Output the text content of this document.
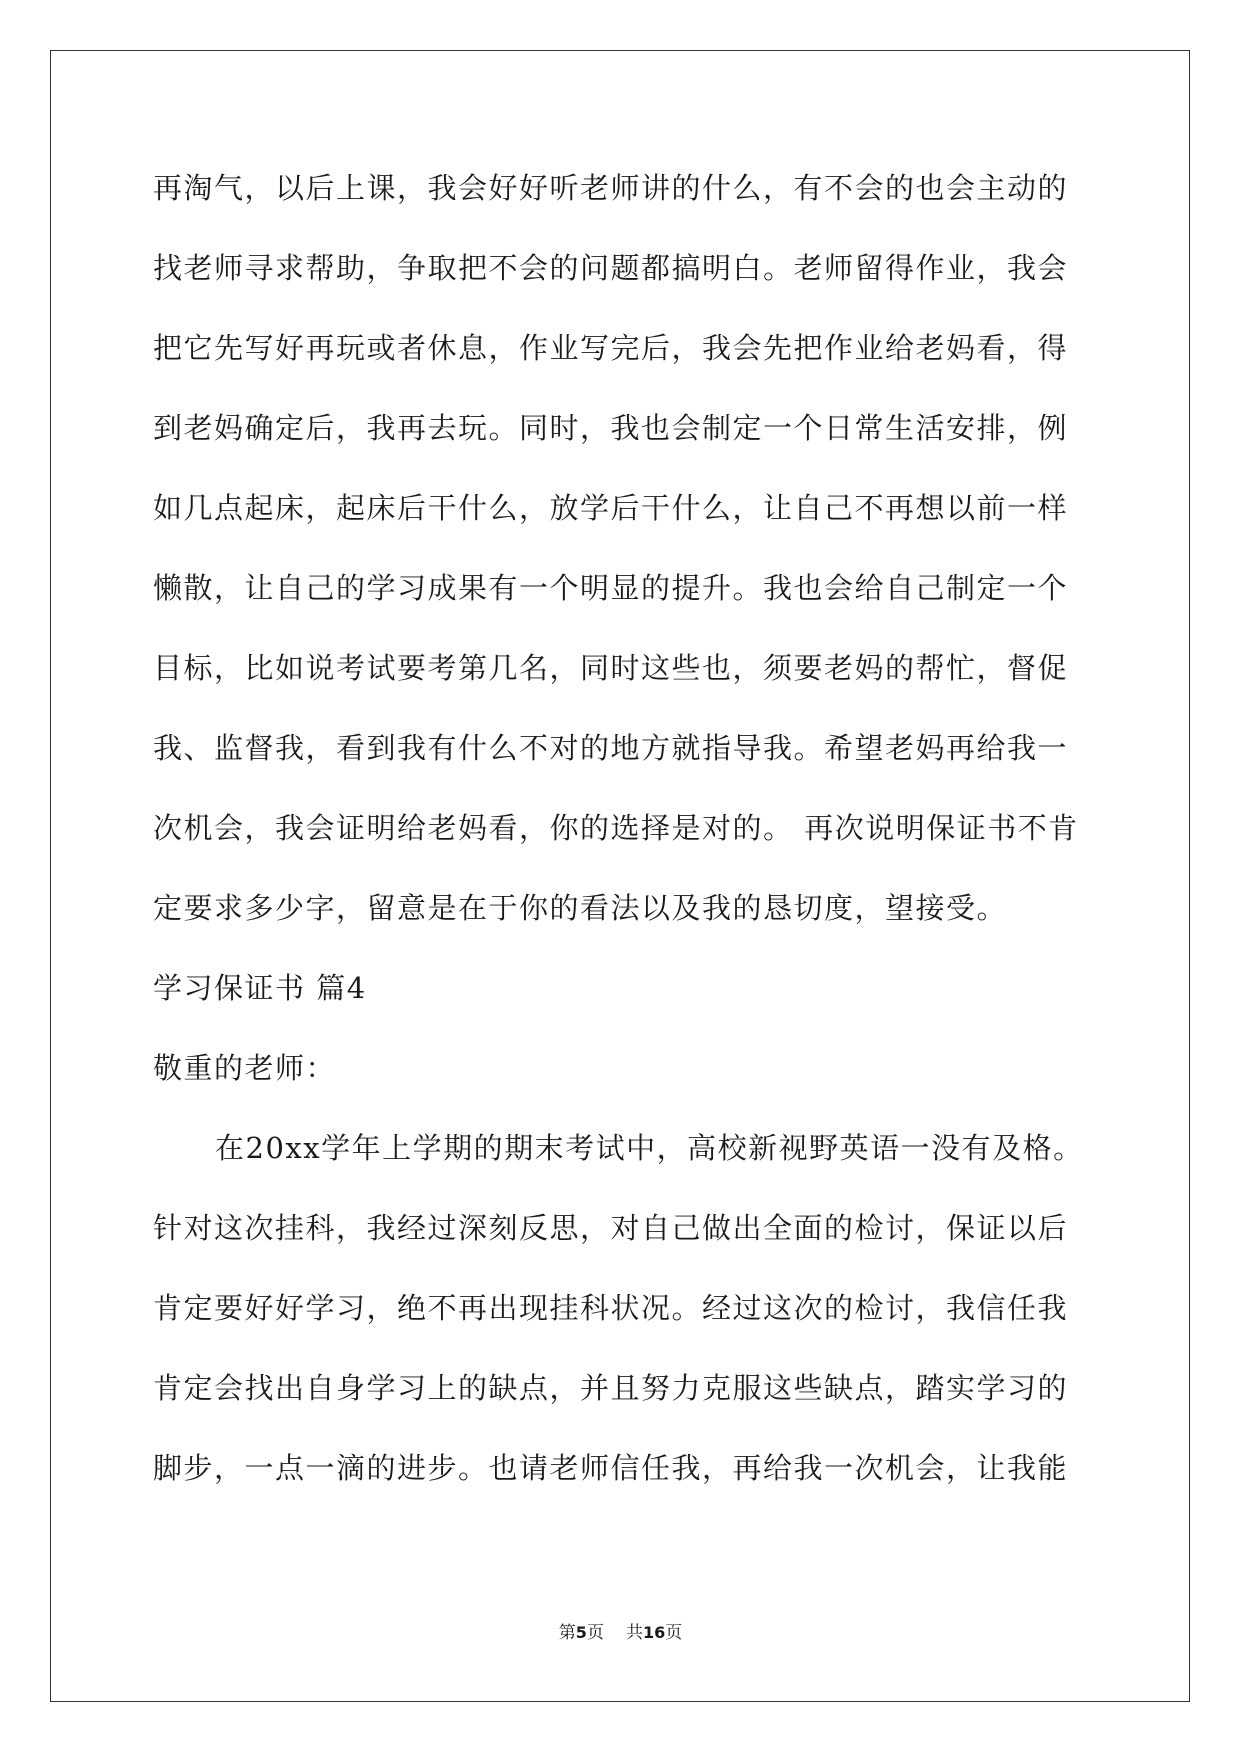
再淘气，以后上课，我会好好听老师讲的什么，有不会的也会主动的
找老师寻求帮助，争取把不会的问题都搞明白。老师留得作业，我会
把它先写好再玩或者休息，作业写完后，我会先把作业给老妈看，得
到老妈确定后，我再去玩。同时，我也会制定一个日常生活安排，例
如几点起床，起床后干什么，放学后干什么，让自己不再想以前一样
懒散，让自己的学习成果有一个明显的提升。我也会给自己制定一个
目标，比如说考试要考第几名，同时这些也，须要老妈的帮忙，督促
我、监督我，看到我有什么不对的地方就指导我。希望老妈再给我一
次机会，我会证明给老妈看，你的选择是对的。 再次说明保证书不肯
定要求多少字，留意是在于你的看法以及我的恳切度，望接受。
学习保证书 篇4
敬重的老师：
在20xx学年上学期的期末考试中，高校新视野英语一没有及格。
针对这次挂科，我经过深刻反思，对自己做出全面的检讨，保证以后
肯定要好好学习，绝不再出现挂科状况。经过这次的检讨，我信任我
肯定会找出自身学习上的缺点，并且努力克服这些缺点，踏实学习的
脚步，一点一滴的进步。也请老师信任我，再给我一次机会，让我能
第5页 共16页
